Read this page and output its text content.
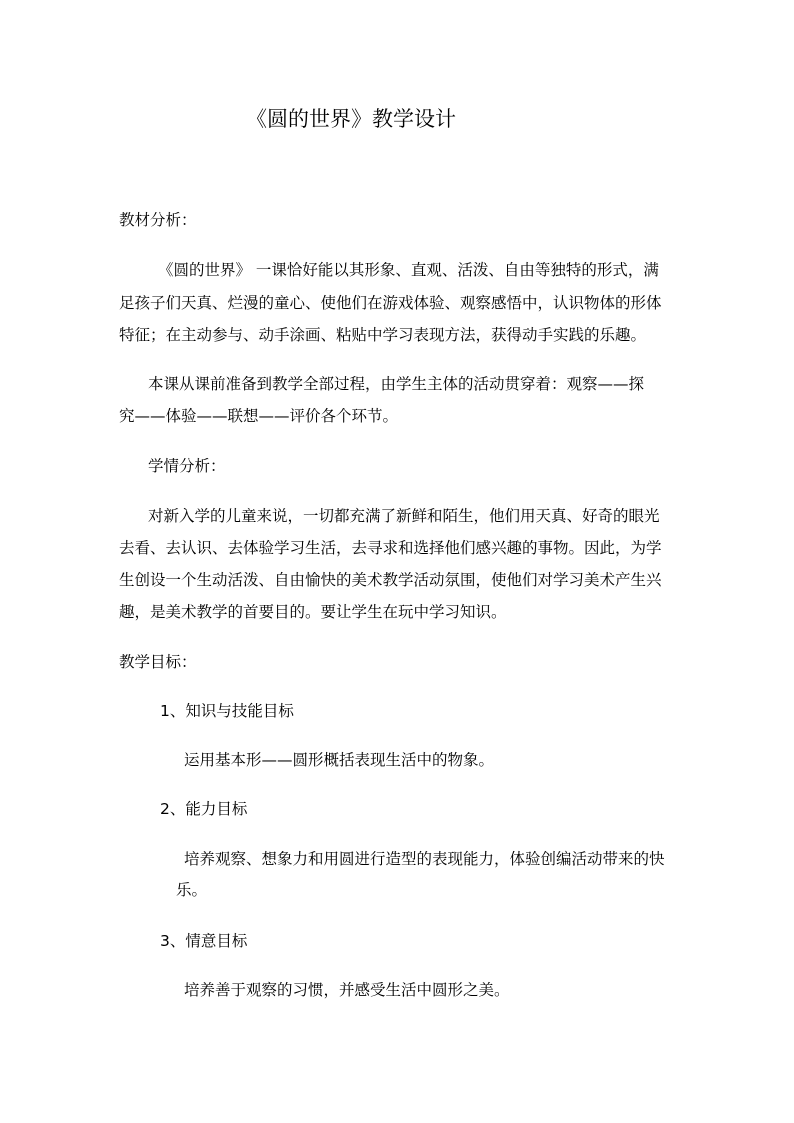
《圆的世界》教学设计
教材分析：
《圆的世界》 一课恰好能以其形象、直观、活泼、自由等独特的形式，满
足孩子们天真、烂漫的童心、使他们在游戏体验、观察感悟中，认识物体的形体
特征；在主动参与、动手涂画、粘贴中学习表现方法，获得动手实践的乐趣。
本课从课前准备到教学全部过程，由学生主体的活动贯穿着：观察——探
究——体验——联想——评价各个环节。
学情分析：
对新入学的儿童来说，一切都充满了新鲜和陌生，他们用天真、好奇的眼光
去看、去认识、去体验学习生活，去寻求和选择他们感兴趣的事物。因此，为学
生创设一个生动活泼、自由愉快的美术教学活动氛围，使他们对学习美术产生兴
趣，是美术教学的首要目的。要让学生在玩中学习知识。
教学目标：
1、知识与技能目标
运用基本形——圆形概括表现生活中的物象。
2、能力目标
培养观察、想象力和用圆进行造型的表现能力，体验创编活动带来的快
乐。
3、情意目标
培养善于观察的习惯，并感受生活中圆形之美。
